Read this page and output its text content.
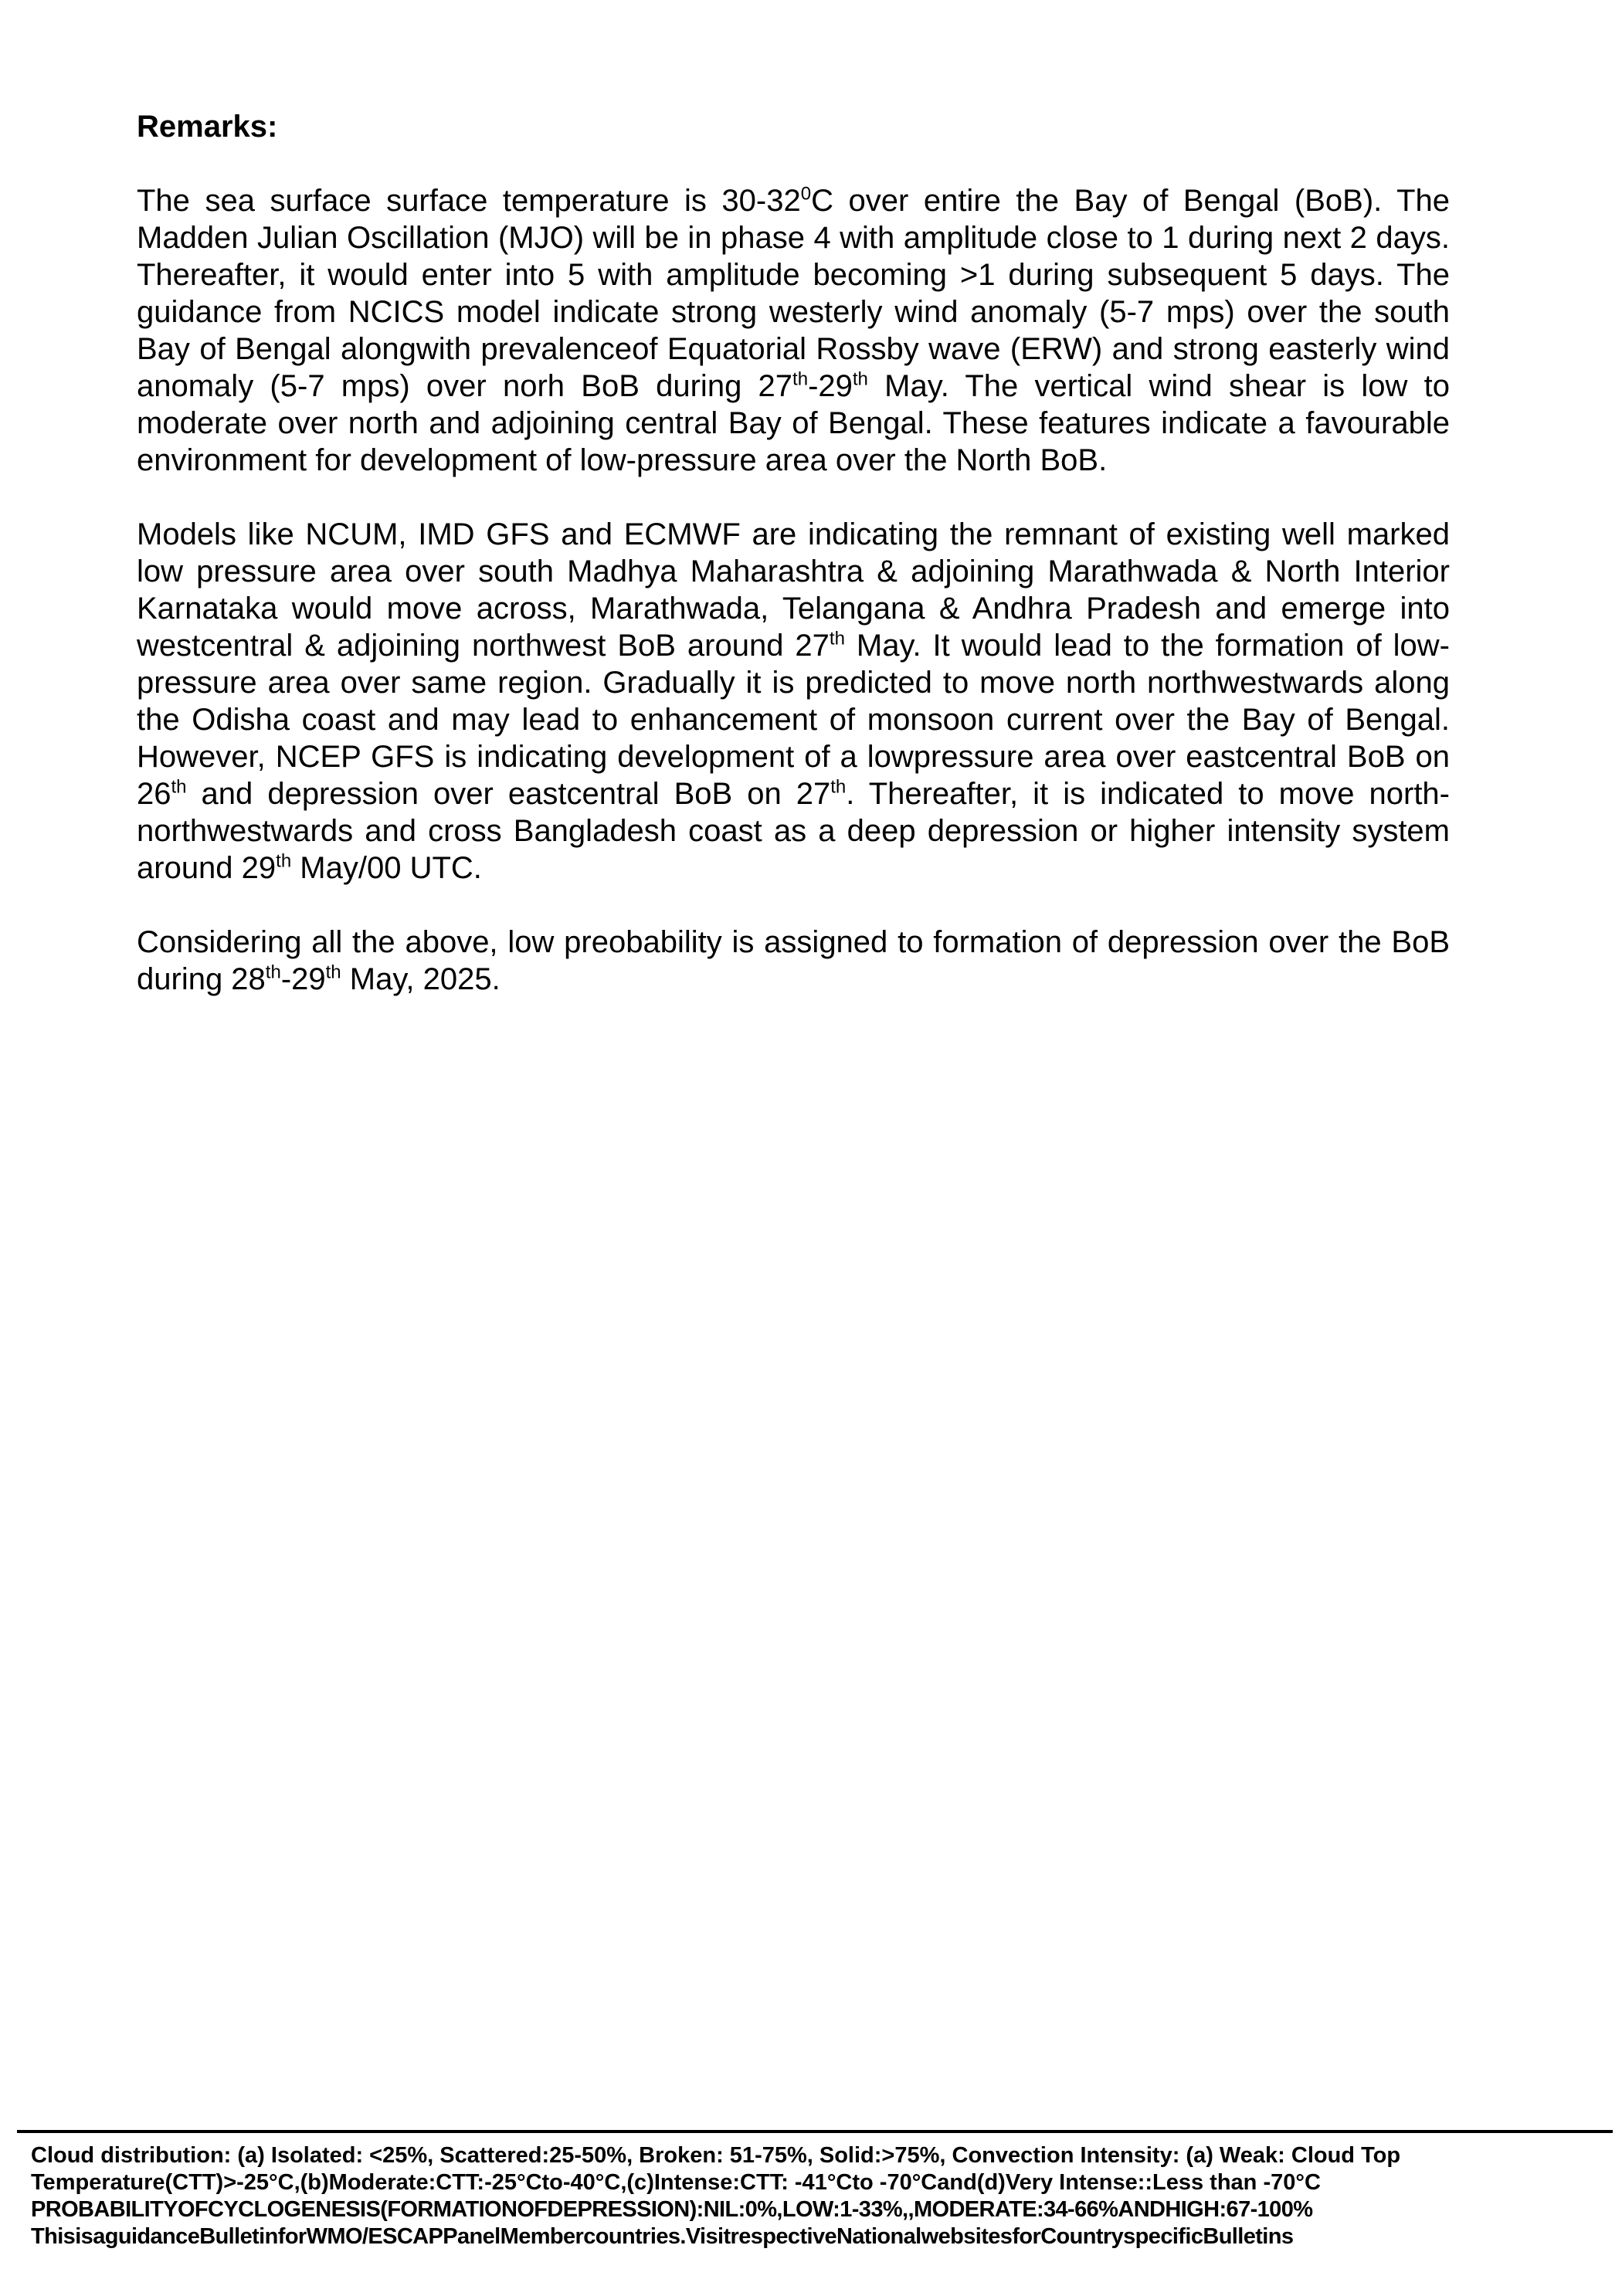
Remarks:
The sea surface surface temperature is $30-32^0C$ over entire the Bay of Bengal (BoB). The Madden Julian Oscillation (MJO) will be in phase 4 with amplitude close to 1 during next 2 days. Thereafter, it would enter into 5 with amplitude becoming >1 during subsequent 5 days. The guidance from NCICS model indicate strong westerly wind anomaly (5-7 mps) over the south Bay of Bengal alongwith prevalenceof Equatorial Rossby wave (ERW) and strong easterly wind anomaly (5-7 mps) over norh BoB during 27th-29th May. The vertical wind shear is low to moderate over north and adjoining central Bay of Bengal. These features indicate a favourable environment for development of low-pressure area over the North BoB.
Models like NCUM, IMD GFS and ECMWF are indicating the remnant of existing well marked low pressure area over south Madhya Maharashtra & adjoining Marathwada & North Interior Karnataka would move across, Marathwada, Telangana & Andhra Pradesh and emerge into westcentral & adjoining northwest BoB around 27th May. It would lead to the formation of low-pressure area over same region. Gradually it is predicted to move north northwestwards along the Odisha coast and may lead to enhancement of monsoon current over the Bay of Bengal. However, NCEP GFS is indicating development of a lowpressure area over eastcentral BoB on 26th and depression over eastcentral BoB on 27th. Thereafter, it is indicated to move north-northwestwards and cross Bangladesh coast as a deep depression or higher intensity system around 29th May/00 UTC.
Considering all the above, low preobability is assigned to formation of depression over the BoB during 28th-29th May, 2025.
Cloud distribution: (a) Isolated: <25%, Scattered:25-50%, Broken: 51-75%, Solid:>75%, Convection Intensity: (a) Weak: Cloud Top
Temperature(CTT)>-25°C,(b)Moderate:CTT:-25°Cto-40°C,(c)Intense:CTT: -41°Cto -70°Cand(d)Very Intense::Less than -70°C
PROBABILITYOFCYCLOGENESIS(FORMATIONOFDEPRESSION):NIL:0%,LOW:1-33%,,MODERATE:34-66%ANDHIGH:67-100%
ThisisaguidanceBulletinforWMO/ESCAPPanelMembercountries.VisitrespectiveNationalwebsitesforCountryspecificBulletins
